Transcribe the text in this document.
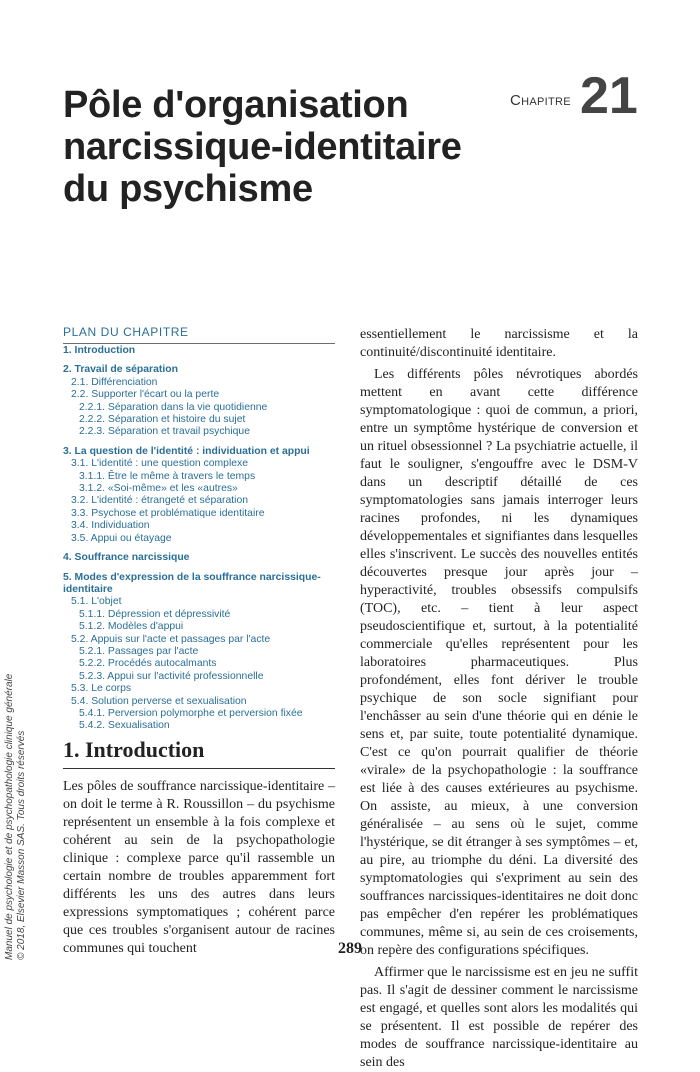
Pôle d'organisation
narcissique-identitaire
du psychisme
Chapitre 21
PLAN DU CHAPITRE
1. Introduction
2. Travail de séparation
2.1. Différenciation
2.2. Supporter l'écart ou la perte
2.2.1. Séparation dans la vie quotidienne
2.2.2. Séparation et histoire du sujet
2.2.3. Séparation et travail psychique
3. La question de l'identité : individuation et appui
3.1. L'identité : une question complexe
3.1.1. Être le même à travers le temps
3.1.2. «Soi-même» et les «autres»
3.2. L'identité : étrangeté et séparation
3.3. Psychose et problématique identitaire
3.4. Individuation
3.5. Appui ou étayage
4. Souffrance narcissique
5. Modes d'expression de la souffrance narcissique-identitaire
5.1. L'objet
5.1.1. Dépression et dépressivité
5.1.2. Modèles d'appui
5.2. Appuis sur l'acte et passages par l'acte
5.2.1. Passages par l'acte
5.2.2. Procédés autocalmants
5.2.3. Appui sur l'activité professionnelle
5.3. Le corps
5.4. Solution perverse et sexualisation
5.4.1. Perversion polymorphe et perversion fixée
5.4.2. Sexualisation
1. Introduction

Les pôles de souffrance narcissique-identitaire – on doit le terme à R. Roussillon – du psychisme représentent un ensemble à la fois complexe et cohérent au sein de la psychopathologie clinique : complexe parce qu'il rassemble un certain nombre de troubles apparemment fort différents les uns des autres dans leurs expressions symptomatiques ; cohérent parce que ces troubles s'organisent autour de racines communes qui touchent

essentiellement le narcissisme et la continuité/discontinuité identitaire.

Les différents pôles névrotiques abordés mettent en avant cette différence symptomatologique : quoi de commun, a priori, entre un symptôme hystérique de conversion et un rituel obsessionnel ? La psychiatrie actuelle, il faut le souligner, s'engouffre avec le DSM-V dans un descriptif détaillé de ces symptomatologies sans jamais interroger leurs racines profondes, ni les dynamiques développementales et signifiantes dans lesquelles elles s'inscrivent. Le succès des nouvelles entités découvertes presque jour après jour – hyperactivité, troubles obsessifs compulsifs (TOC), etc. – tient à leur aspect pseudoscientifique et, surtout, à la potentialité commerciale qu'elles représentent pour les laboratoires pharmaceutiques. Plus profondément, elles font dériver le trouble psychique de son socle signifiant pour l'enchâsser au sein d'une théorie qui en dénie le sens et, par suite, toute potentialité dynamique. C'est ce qu'on pourrait qualifier de théorie «virale» de la psychopathologie : la souffrance est liée à des causes extérieures au psychisme. On assiste, au mieux, à une conversion généralisée – au sens où le sujet, comme l'hystérique, se dit étranger à ses symptômes – et, au pire, au triomphe du déni. La diversité des symptomatologies qui s'expriment au sein des souffrances narcissiques-identitaires ne doit donc pas empêcher d'en repérer les problématiques communes, même si, au sein de ces croisements, on repère des configurations spécifiques.

Affirmer que le narcissisme est en jeu ne suffit pas. Il s'agit de dessiner comment le narcissisme est engagé, et quelles sont alors les modalités qui se présentent. Il est possible de repérer des modes de souffrance narcissique-identitaire au sein des

Manuel de psychologie et de psychopathologie clinique générale © 2018, Elsevier Masson SAS. Tous droits réservés	289
